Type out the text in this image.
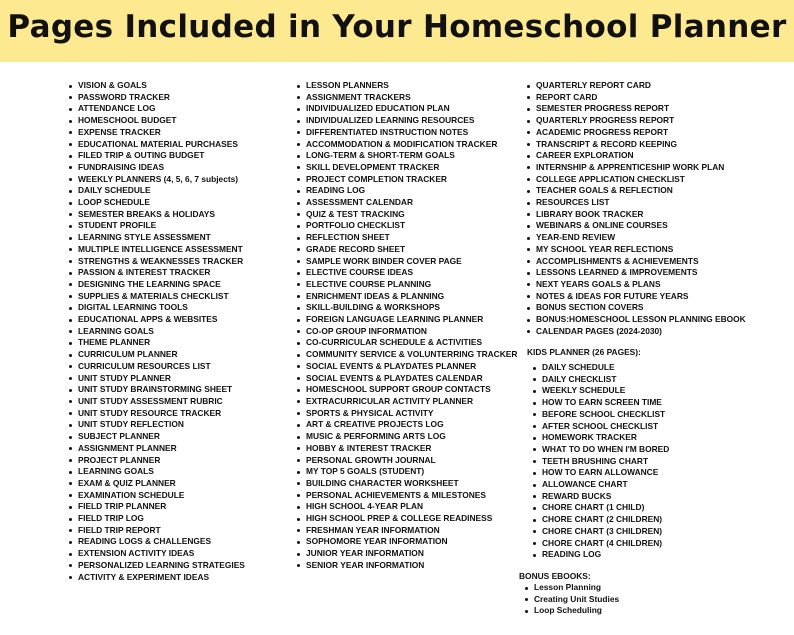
Pages Included in Your Homeschool Planner
VISION & GOALS
PASSWORD TRACKER
ATTENDANCE LOG
HOMESCHOOL BUDGET
EXPENSE TRACKER
EDUCATIONAL MATERIAL PURCHASES
FILED TRIP & OUTING BUDGET
FUNDRAISING IDEAS
WEEKLY PLANNERS (4, 5, 6, 7 subjects)
DAILY SCHEDULE
LOOP SCHEDULE
SEMESTER BREAKS & HOLIDAYS
STUDENT PROFILE
LEARNING STYLE ASSESSMENT
MULTIPLE INTELLIGENCE ASSESSMENT
STRENGTHS & WEAKNESSES TRACKER
PASSION & INTEREST TRACKER
DESIGNING THE LEARNING SPACE
SUPPLIES & MATERIALS CHECKLIST
DIGITAL LEARNING TOOLS
EDUCATIONAL APPS & WEBSITES
LEARNING GOALS
THEME PLANNER
CURRICULUM PLANNER
CURRICULUM RESOURCES LIST
UNIT STUDY PLANNER
UNIT STUDY BRAINSTORMING SHEET
UNIT STUDY ASSESSMENT RUBRIC
UNIT STUDY RESOURCE TRACKER
UNIT STUDY REFLECTION
SUBJECT PLANNER
ASSIGNMENT PLANNER
PROJECT PLANNER
LEARNING GOALS
EXAM & QUIZ PLANNER
EXAMINATION SCHEDULE
FIELD TRIP PLANNER
FIELD TRIP LOG
FIELD TRIP REPORT
READING LOGS & CHALLENGES
EXTENSION ACTIVITY IDEAS
PERSONALIZED LEARNING STRATEGIES
ACTIVITY & EXPERIMENT IDEAS
LESSON PLANNERS
ASSIGNMENT TRACKERS
INDIVIDUALIZED EDUCATION PLAN
INDIVIDUALIZED LEARNING RESOURCES
DIFFERENTIATED INSTRUCTION NOTES
ACCOMMODATION & MODIFICATION TRACKER
LONG-TERM & SHORT-TERM GOALS
SKILL DEVELOPMENT TRACKER
PROJECT COMPLETION TRACKER
READING LOG
ASSESSMENT CALENDAR
QUIZ & TEST TRACKING
PORTFOLIO CHECKLIST
REFLECTION SHEET
GRADE RECORD SHEET
SAMPLE WORK BINDER COVER PAGE
ELECTIVE COURSE IDEAS
ELECTIVE COURSE PLANNING
ENRICHMENT IDEAS & PLANNING
SKILL-BUILDING & WORKSHOPS
FOREIGN LANGUAGE LEARNING PLANNER
CO-OP GROUP INFORMATION
CO-CURRICULAR SCHEDULE & ACTIVITIES
COMMUNITY SERVICE & VOLUNTERRING TRACKER
SOCIAL EVENTS & PLAYDATES PLANNER
SOCIAL EVENTS & PLAYDATES CALENDAR
HOMESCHOOL SUPPORT GROUP CONTACTS
EXTRACURRICULAR ACTIVITY PLANNER
SPORTS & PHYSICAL ACTIVITY
ART & CREATIVE PROJECTS LOG
MUSIC & PERFORMING ARTS LOG
HOBBY & INTEREST TRACKER
PERSONAL GROWTH JOURNAL
MY TOP 5 GOALS (STUDENT)
BUILDING CHARACTER WORKSHEET
PERSONAL ACHIEVEMENTS & MILESTONES
HIGH SCHOOL 4-YEAR PLAN
HIGH SCHOOL PREP & COLLEGE READINESS
FRESHMAN YEAR INFORMATION
SOPHOMORE YEAR INFORMATION
JUNIOR YEAR INFORMATION
SENIOR YEAR INFORMATION
QUARTERLY REPORT CARD
REPORT CARD
SEMESTER PROGRESS REPORT
QUARTERLY PROGRESS REPORT
ACADEMIC PROGRESS REPORT
TRANSCRIPT & RECORD KEEPING
CAREER EXPLORATION
INTERNSHIP & APPRENTICESHIP WORK PLAN
COLLEGE APPLICATION CHECKLIST
TEACHER GOALS & REFLECTION
RESOURCES LIST
LIBRARY BOOK TRACKER
WEBINARS & ONLINE COURSES
YEAR-END REVIEW
MY SCHOOL YEAR REFLECTIONS
ACCOMPLISHMENTS & ACHIEVEMENTS
LESSONS LEARNED & IMPROVEMENTS
NEXT YEARS GOALS & PLANS
NOTES & IDEAS FOR FUTURE YEARS
BONUS SECTION COVERS
BONUS:HOMESCHOOL LESSON PLANNING EBOOK
CALENDAR PAGES (2024-2030)
KIDS PLANNER (26 PAGES):
DAILY SCHEDULE
DAILY CHECKLIST
WEEKLY SCHEDULE
HOW TO EARN SCREEN TIME
BEFORE SCHOOL CHECKLIST
AFTER SCHOOL CHECKLIST
HOMEWORK TRACKER
WHAT TO DO WHEN I'M BORED
TEETH BRUSHING CHART
HOW TO EARN ALLOWANCE
ALLOWANCE CHART
REWARD BUCKS
CHORE CHART (1 CHILD)
CHORE CHART (2 CHILDREN)
CHORE CHART (3 CHILDREN)
CHORE CHART (4 CHILDREN)
READING LOG
BONUS EBOOKS:
Lesson Planning
Creating Unit Studies
Loop Scheduling
